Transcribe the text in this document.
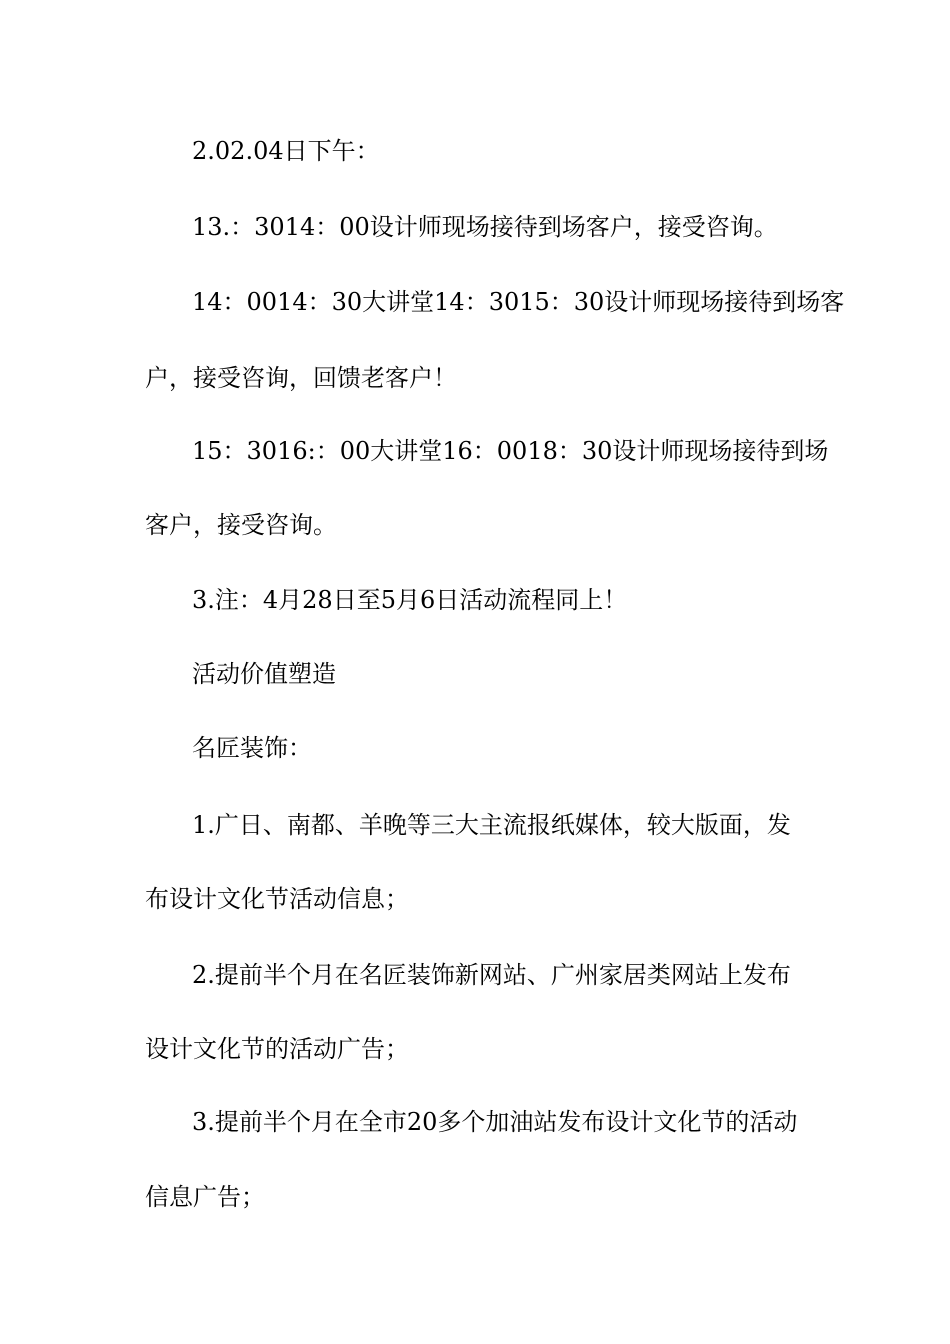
2.02.04日下午：
13.：3014：00设计师现场接待到场客户，接受咨询。
14：0014：30大讲堂14：3015：30设计师现场接待到场客
户，接受咨询，回馈老客户！
15：3016:：00大讲堂16：0018：30设计师现场接待到场
客户，接受咨询。
3.注：4月28日至5月6日活动流程同上！
活动价值塑造
名匠装饰：
1.广日、南都、羊晚等三大主流报纸媒体，较大版面，发
布设计文化节活动信息；
2.提前半个月在名匠装饰新网站、广州家居类网站上发布
设计文化节的活动广告；
3.提前半个月在全市20多个加油站发布设计文化节的活动
信息广告；
